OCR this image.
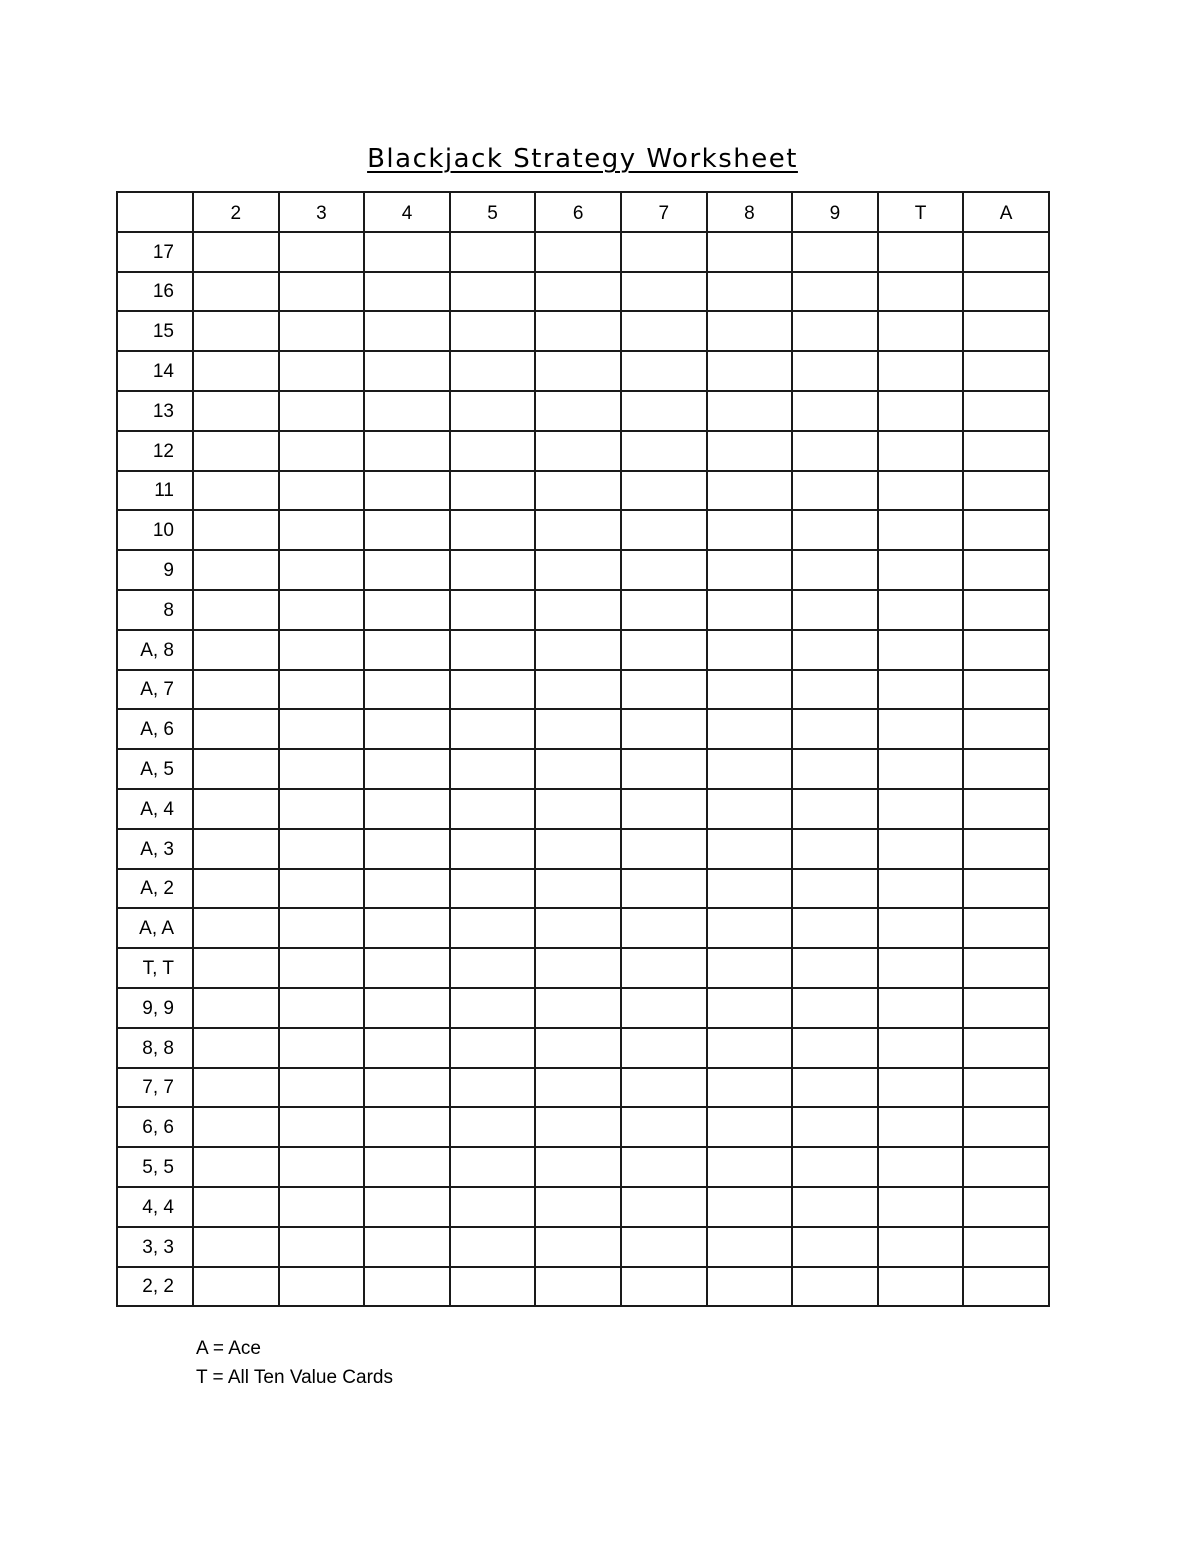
Blackjack Strategy Worksheet
	2	3	4	5	6	7	8	9	T	A
17										
16										
15										
14										
13										
12										
11										
10										
9										
8										
A, 8										
A, 7										
A, 6										
A, 5										
A, 4										
A, 3										
A, 2										
A, A										
T, T										
9, 9										
8, 8										
7, 7										
6, 6										
5, 5										
4, 4										
3, 3										
2, 2										
A = Ace
T = All Ten Value Cards
